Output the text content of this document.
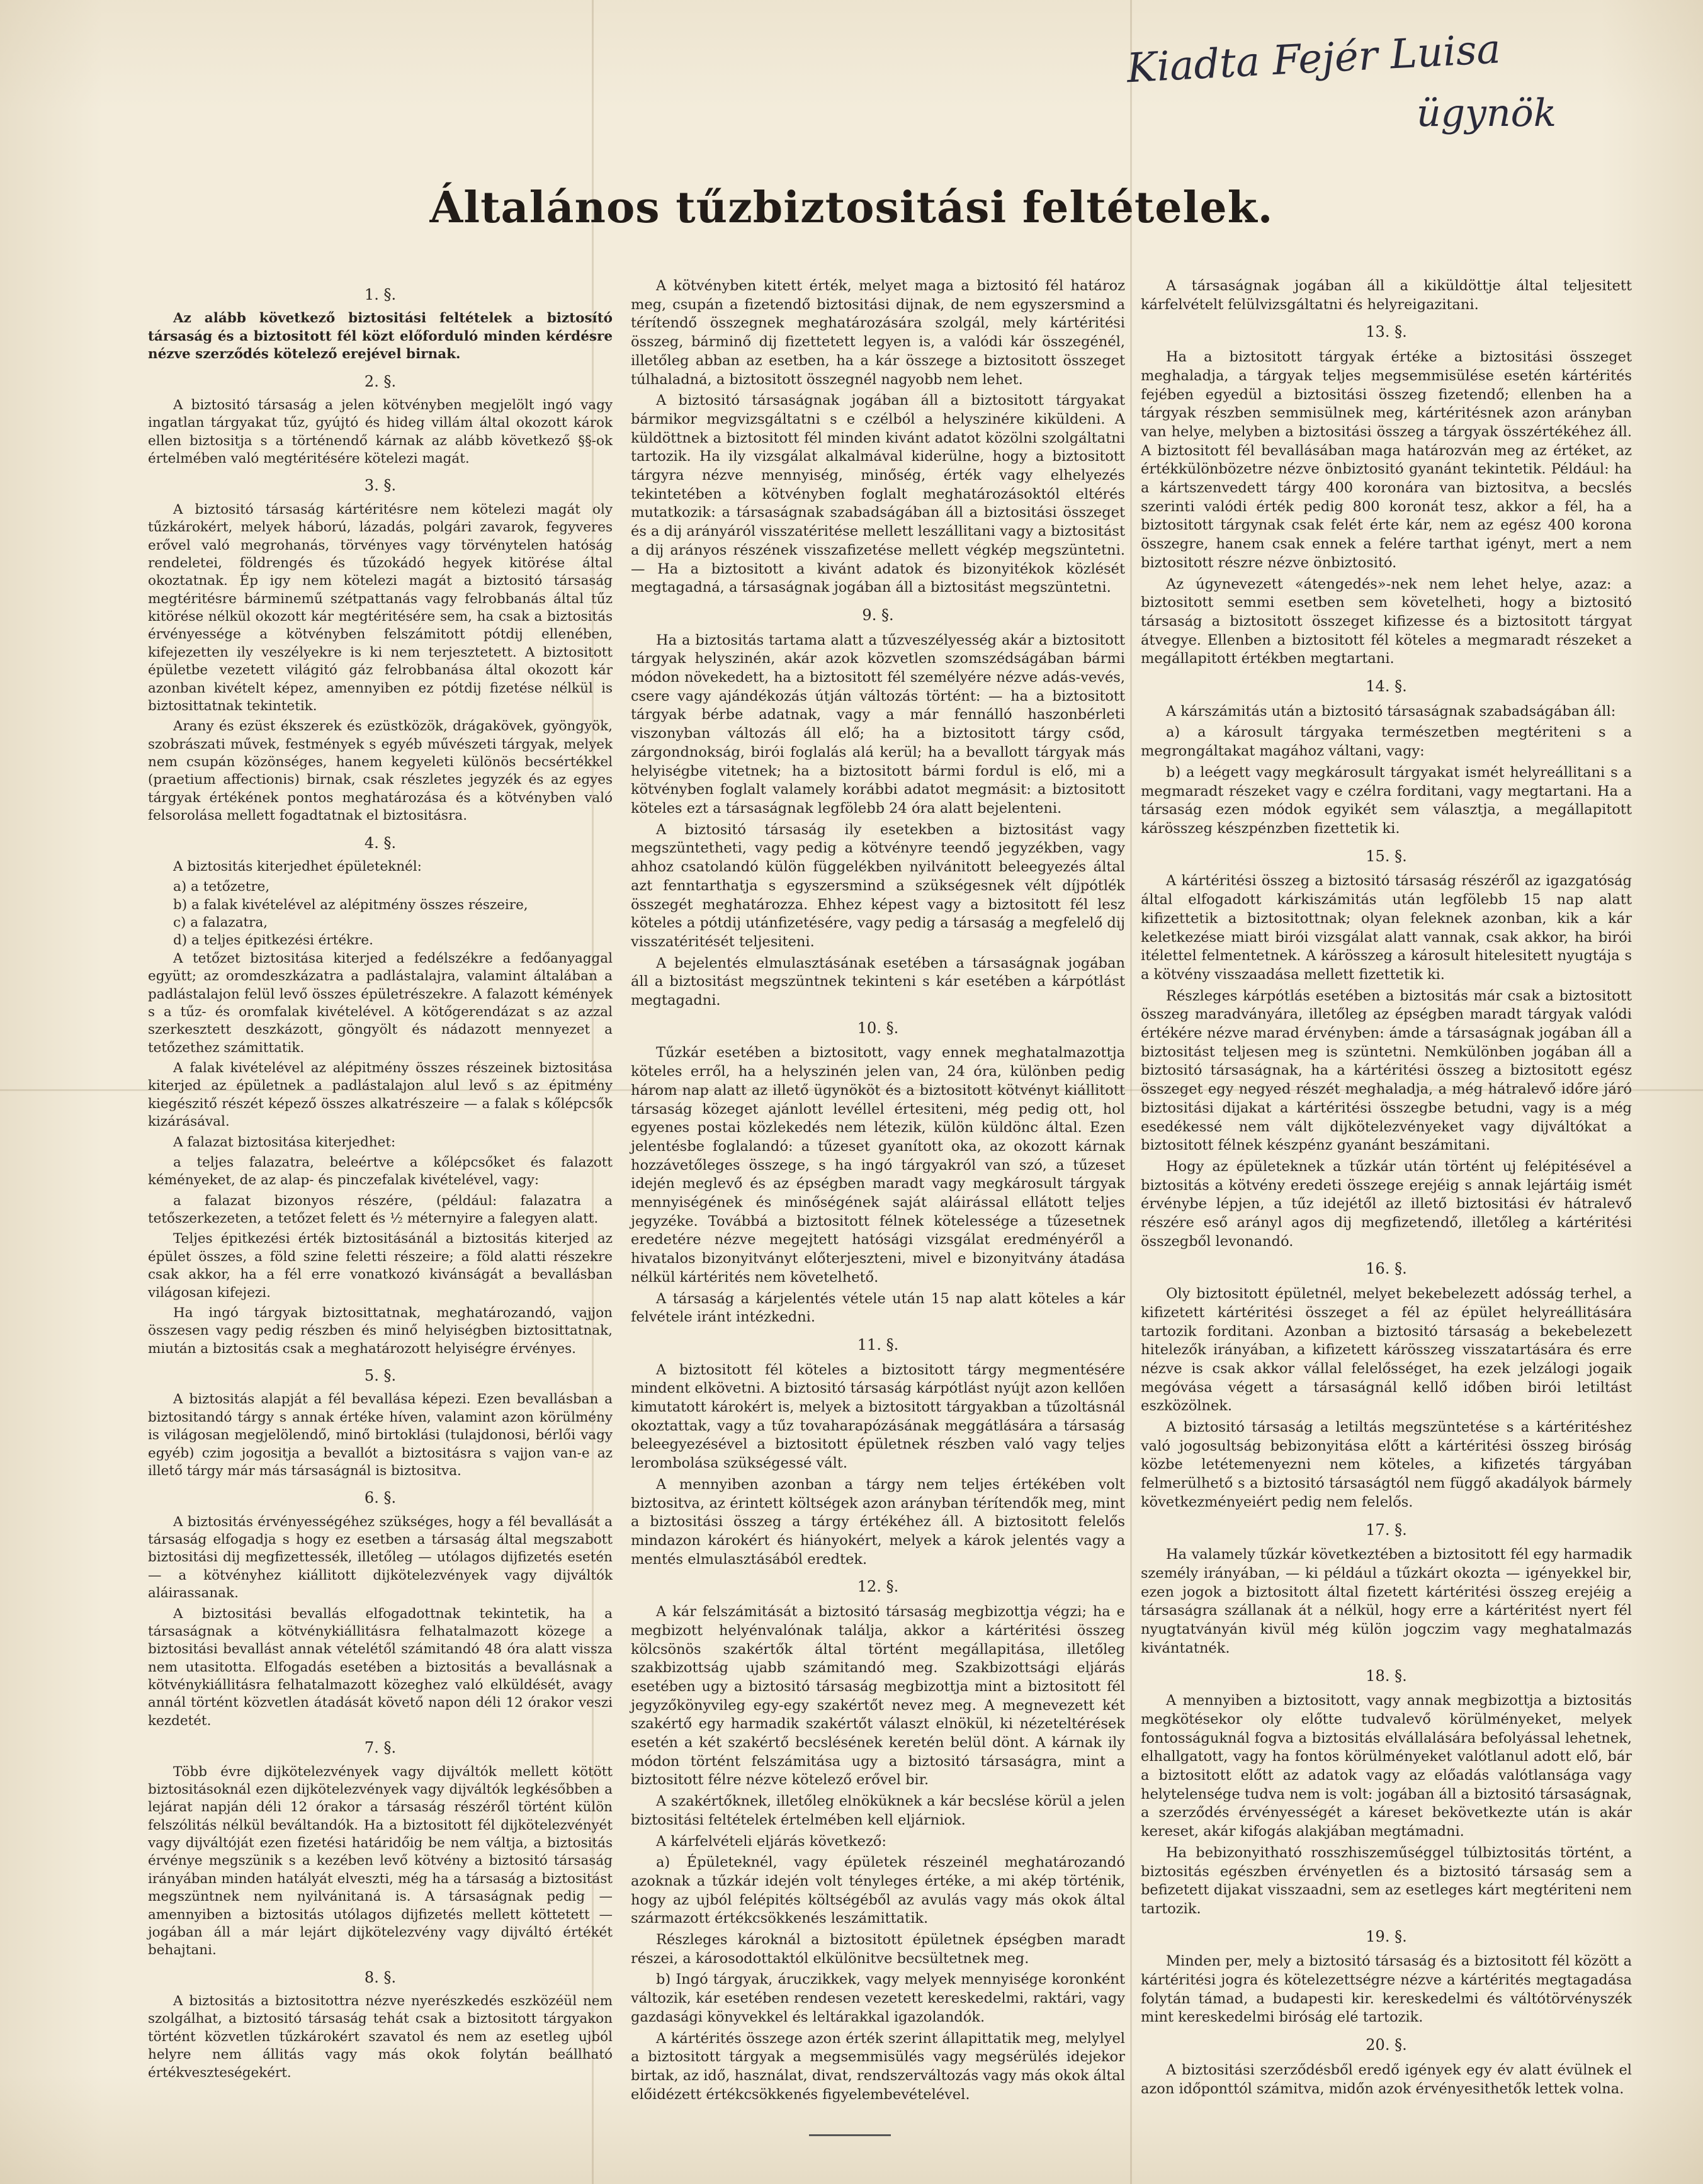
Kiadta Fejér Luisa
ügynök
Általános tűzbiztositási feltételek.
1. §.

Az alább következő biztositási feltételek a biztosító társaság és a biztositott fél közt előforduló minden kérdésre nézve szerződés kötelező erejével birnak.

2. §.

A biztositó társaság a jelen kötvényben megjelölt ingó vagy ingatlan tárgyakat tűz, gyújtó és hideg villám által okozott károk ellen biztositja s a történendő kárnak az alább következő §§-ok értelmében való megtéritésére kötelezi magát.

3. §.

A biztositó társaság kártéritésre nem kötelezi magát oly tűzkárokért, melyek háború, lázadás, polgári zavarok, fegyveres erővel való megrohanás, törvényes vagy törvénytelen hatóság rendeletei, földrengés és tűzokádó hegyek kitörése által okoztatnak. Ép igy nem kötelezi magát a biztositó társaság megtéritésre bárminemű szétpattanás vagy felrobbanás által tűz kitörése nélkül okozott kár megtéritésére sem, ha csak a biztositás érvényessége a kötvényben felszámitott pótdij ellenében, kifejezetten ily veszélyekre is ki nem terjesztetett. A biztositott épületbe vezetett világitó gáz felrobbanása által okozott kár azonban kivételt képez, amennyiben ez pótdij fizetése nélkül is biztosittatnak tekintetik.

Arany és ezüst ékszerek és ezüstközök, drágakövek, gyöngyök, szobrászati művek, festmények s egyéb művészeti tárgyak, melyek nem csupán közönséges, hanem kegyeleti különös becsértékkel (praetium affectionis) birnak, csak részletes jegyzék és az egyes tárgyak értékének pontos meghatározása és a kötvényben való felsorolása mellett fogadtatnak el biztositásra.

4. §.

A biztositás kiterjedhet épületeknél:

a) a tetőzetre,

b) a falak kivételével az alépitmény összes részeire,

c) a falazatra,

d) a teljes épitkezési értékre.

A tetőzet biztositása kiterjed a fedélszékre a fedőanyaggal együtt; az oromdeszkázatra a padlástalajra, valamint általában a padlástalajon felül levő összes épületrészekre. A falazott kémények s a tűz- és oromfalak kivételével. A kötőgerendázat s az azzal szerkesztett deszkázott, göngyölt és nádazott mennyezet a tetőzethez számittatik.

A falak kivételével az alépitmény összes részeinek biztositása kiterjed az épületnek a padlástalajon alul levő s az épitmény kiegészitő részét képező összes alkatrészeire — a falak s kőlépcsők kizárásával.

A falazat biztositása kiterjedhet:

a teljes falazatra, beleértve a kőlépcsőket és falazott kéményeket, de az alap- és pinczefalak kivételével, vagy:

a falazat bizonyos részére, (például: falazatra a tetőszerkezeten, a tetőzet felett és ½ méternyire a falegyen alatt.

Teljes épitkezési érték biztositásánál a biztositás kiterjed az épület összes, a föld szine feletti részeire; a föld alatti részekre csak akkor, ha a fél erre vonatkozó kivánságát a bevallásban világosan kifejezi.

Ha ingó tárgyak biztosittatnak, meghatározandó, vajjon összesen vagy pedig részben és minő helyiségben biztosittatnak, miután a biztositás csak a meghatározott helyiségre érvényes.

5. §.

A biztositás alapját a fél bevallása képezi. Ezen bevallásban a biztositandó tárgy s annak értéke híven, valamint azon körülmény is világosan megjelölendő, minő birtoklási (tulajdonosi, bérlői vagy egyéb) czim jogositja a bevallót a biztositásra s vajjon van-e az illető tárgy már más társaságnál is biztositva.

6. §.

A biztositás érvényességéhez szükséges, hogy a fél bevallását a társaság elfogadja s hogy ez esetben a társaság által megszabott biztositási dij megfizettessék, illetőleg — utólagos dijfizetés esetén — a kötvényhez kiállitott dijkötelezvények vagy dijváltók aláirassanak.

A biztositási bevallás elfogadottnak tekintetik, ha a társaságnak a kötvénykiállitásra felhatalmazott közege a biztositási bevallást annak vételétől számitandó 48 óra alatt vissza nem utasitotta. Elfogadás esetében a biztositás a bevallásnak a kötvénykiállitásra felhatalmazott közeghez való elküldését, avagy annál történt közvetlen átadását követő napon déli 12 órakor veszi kezdetét.

7. §.

Több évre dijkötelezvények vagy dijváltók mellett kötött biztositásoknál ezen dijkötelezvények vagy dijváltók legkésőbben a lejárat napján déli 12 órakor a társaság részéről történt külön felszólitás nélkül beváltandók. Ha a biztositott fél dijkötelezvényét vagy dijváltóját ezen fizetési határidőig be nem váltja, a biztositás érvénye megszünik s a kezében levő kötvény a biztositó társaság irányában minden hatályát elveszti, még ha a társaság a biztositást megszüntnek nem nyilvánitaná is. A társaságnak pedig — amennyiben a biztositás utólagos dijfizetés mellett köttetett — jogában áll a már lejárt dijkötelezvény vagy dijváltó értékét behajtani.

8. §.

A biztositás a biztositottra nézve nyerészkedés eszközéül nem szolgálhat, a biztositó társaság tehát csak a biztositott tárgyakon történt közvetlen tűzkárokért szavatol és nem az esetleg ujból helyre nem állitás vagy más okok folytán beállható értékveszteségekért.

A kötvényben kitett érték, melyet maga a biztositó fél határoz meg, csupán a fizetendő biztositási dijnak, de nem egyszersmind a térítendő összegnek meghatározására szolgál, mely kártéritési összeg, bárminő dij fizettetett legyen is, a valódi kár összegénél, illetőleg abban az esetben, ha a kár összege a biztositott összeget túlhaladná, a biztositott összegnél nagyobb nem lehet.

A biztositó társaságnak jogában áll a biztositott tárgyakat bármikor megvizsgáltatni s e czélból a helyszinére kiküldeni. A küldöttnek a biztositott fél minden kivánt adatot közölni szolgáltatni tartozik. Ha ily vizsgálat alkalmával kiderülne, hogy a biztositott tárgyra nézve mennyiség, minőség, érték vagy elhelyezés tekintetében a kötvényben foglalt meghatározásoktól eltérés mutatkozik: a társaságnak szabadságában áll a biztositási összeget és a dij arányáról visszatéritése mellett leszállitani vagy a biztositást a dij arányos részének visszafizetése mellett végkép megszüntetni. — Ha a biztositott a kivánt adatok és bizonyitékok közlését megtagadná, a társaságnak jogában áll a biztositást megszüntetni.

9. §.

Ha a biztositás tartama alatt a tűzveszélyesség akár a biztositott tárgyak helyszinén, akár azok közvetlen szomszédságában bármi módon növekedett, ha a biztositott fél személyére nézve adás-vevés, csere vagy ajándékozás útján változás történt: — ha a biztositott tárgyak bérbe adatnak, vagy a már fennálló haszonbérleti viszonyban változás áll elő; ha a biztositott tárgy csőd, zárgondnokság, birói foglalás alá kerül; ha a bevallott tárgyak más helyiségbe vitetnek; ha a biztositott bármi fordul is elő, mi a kötvényben foglalt valamely korábbi adatot megmásit: a biztositott köteles ezt a társaságnak legfölebb 24 óra alatt bejelenteni.

A biztositó társaság ily esetekben a biztositást vagy megszüntetheti, vagy pedig a kötvényre teendő jegyzékben, vagy ahhoz csatolandó külön függelékben nyilvánitott beleegyezés által azt fenntarthatja s egyszersmind a szükségesnek vélt díjpótlék összegét meghatározza. Ehhez képest vagy a biztositott fél lesz köteles a pótdij utánfizetésére, vagy pedig a társaság a megfelelő dij visszatéritését teljesiteni.

A bejelentés elmulasztásának esetében a társaságnak jogában áll a biztositást megszüntnek tekinteni s kár esetében a kárpótlást megtagadni.

10. §.

Tűzkár esetében a biztositott, vagy ennek meghatalmazottja köteles erről, ha a helyszinén jelen van, 24 óra, különben pedig három nap alatt az illető ügynököt és a biztositott kötvényt kiállitott társaság közeget ajánlott levéllel értesiteni, még pedig ott, hol egyenes postai közlekedés nem létezik, külön küldönc által. Ezen jelentésbe foglalandó: a tűzeset gyanított oka, az okozott kárnak hozzávetőleges összege, s ha ingó tárgyakról van szó, a tűzeset idején meglevő és az épségben maradt vagy megkárosult tárgyak mennyiségének és minőségének saját aláirással ellátott teljes jegyzéke. Továbbá a biztositott félnek kötelessége a tűzesetnek eredetére nézve megejtett hatósági vizsgálat eredményéről a hivatalos bizonyitványt előterjeszteni, mivel e bizonyitvány átadása nélkül kártérités nem követelhető.

A társaság a kárjelentés vétele után 15 nap alatt köteles a kár felvétele iránt intézkedni.

11. §.

A biztositott fél köteles a biztositott tárgy megmentésére mindent elkövetni. A biztositó társaság kárpótlást nyújt azon kellően kimutatott károkért is, melyek a biztositott tárgyakban a tűzoltásnál okoztattak, vagy a tűz tovaharapózásának meggátlására a társaság beleegyezésével a biztositott épületnek részben való vagy teljes lerombolása szükségessé vált.

A mennyiben azonban a tárgy nem teljes értékében volt biztositva, az érintett költségek azon arányban térítendők meg, mint a biztositási összeg a tárgy értékéhez áll. A biztositott felelős mindazon károkért és hiányokért, melyek a károk jelentés vagy a mentés elmulasztásából eredtek.

12. §.

A kár felszámitását a biztositó társaság megbizottja végzi; ha e megbizott helyénvalónak találja, akkor a kártéritési összeg kölcsönös szakértők által történt megállapitása, illetőleg szakbizottság ujabb számitandó meg. Szakbizottsági eljárás esetében ugy a biztositó társaság megbizottja mint a biztositott fél jegyzőkönyvileg egy-egy szakértőt nevez meg. A megnevezett két szakértő egy harmadik szakértőt választ elnökül, ki nézeteltérések esetén a két szakértő becslésének keretén belül dönt. A kárnak ily módon történt felszámitása ugy a biztositó társaságra, mint a biztositott félre nézve kötelező erővel bir.

A szakértőknek, illetőleg elnöküknek a kár becslése körül a jelen biztositási feltételek értelmében kell eljárniok.

A kárfelvételi eljárás következő:

a) Épületeknél, vagy épületek részeinél meghatározandó azoknak a tűzkár idején volt tényleges értéke, a mi akép történik, hogy az ujból felépités költségéből az avulás vagy más okok által származott értékcsökkenés leszámittatik.

Részleges károknál a biztositott épületnek épségben maradt részei, a károsodottaktól elkülönitve becsültetnek meg.

b) Ingó tárgyak, áruczikkek, vagy melyek mennyisége koronként változik, kár esetében rendesen vezetett kereskedelmi, raktári, vagy gazdasági könyvekkel és leltárakkal igazolandók.

A kártérités összege azon érték szerint állapittatik meg, melylyel a biztositott tárgyak a megsemmisülés vagy megsérülés idejekor birtak, az idő, használat, divat, rendszerváltozás vagy más okok által előidézett értékcsökkenés figyelembevételével.

A társaságnak jogában áll a kiküldöttje által teljesitett kárfelvételt felülvizsgáltatni és helyreigazitani.

13. §.

Ha a biztositott tárgyak értéke a biztositási összeget meghaladja, a tárgyak teljes megsemmisülése esetén kártérités fejében egyedül a biztositási összeg fizetendő; ellenben ha a tárgyak részben semmisülnek meg, kártéritésnek azon arányban van helye, melyben a biztositási összeg a tárgyak összértékéhez áll. A biztositott fél bevallásában maga határozván meg az értéket, az értékkülönbözetre nézve önbiztositó gyanánt tekintetik. Például: ha a kártszenvedett tárgy 400 koronára van biztositva, a becslés szerinti valódi érték pedig 800 koronát tesz, akkor a fél, ha a biztositott tárgynak csak felét érte kár, nem az egész 400 korona összegre, hanem csak ennek a felére tarthat igényt, mert a nem biztositott részre nézve önbiztositó.

Az úgynevezett «átengedés»-nek nem lehet helye, azaz: a biztositott semmi esetben sem követelheti, hogy a biztositó társaság a biztositott összeget kifizesse és a biztositott tárgyat átvegye. Ellenben a biztositott fél köteles a megmaradt részeket a megállapitott értékben megtartani.

14. §.

A kárszámitás után a biztositó társaságnak szabadságában áll:

a) a károsult tárgyaka természetben megtériteni s a megrongáltakat magához váltani, vagy:

b) a leégett vagy megkárosult tárgyakat ismét helyreállitani s a megmaradt részeket vagy e czélra forditani, vagy megtartani. Ha a társaság ezen módok egyikét sem választja, a megállapitott kárösszeg készpénzben fizettetik ki.

15. §.

A kártéritési összeg a biztositó társaság részéről az igazgatóság által elfogadott kárkiszámitás után legfölebb 15 nap alatt kifizettetik a biztositottnak; olyan feleknek azonban, kik a kár keletkezése miatt birói vizsgálat alatt vannak, csak akkor, ha birói itélettel felmentetnek. A kárösszeg a károsult hitelesitett nyugtája s a kötvény visszaadása mellett fizettetik ki.

Részleges kárpótlás esetében a biztositás már csak a biztositott összeg maradványára, illetőleg az épségben maradt tárgyak valódi értékére nézve marad érvényben: ámde a társaságnak jogában áll a biztositást teljesen meg is szüntetni. Nemkülönben jogában áll a biztositó társaságnak, ha a kártéritési összeg a biztositott egész összeget egy negyed részét meghaladja, a még hátralevő időre járó biztositási dijakat a kártéritési összegbe betudni, vagy is a még esedékessé nem vált dijkötelezvényeket vagy dijváltókat a biztositott félnek készpénz gyanánt beszámitani.

Hogy az épületeknek a tűzkár után történt uj felépitésével a biztositás a kötvény eredeti összege erejéig s annak lejártáig ismét érvénybe lépjen, a tűz idejétől az illető biztositási év hátralevő részére eső arányl agos dij megfizetendő, illetőleg a kártéritési összegből levonandó.

16. §.

Oly biztositott épületnél, melyet bekebelezett adósság terhel, a kifizetett kártéritési összeget a fél az épület helyreállitására tartozik forditani. Azonban a biztositó társaság a bekebelezett hitelezők irányában, a kifizetett kárösszeg visszatartására és erre nézve is csak akkor vállal felelősséget, ha ezek jelzálogi jogaik megóvása végett a társaságnál kellő időben birói letiltást eszközölnek.

A biztositó társaság a letiltás megszüntetése s a kártéritéshez való jogosultság bebizonyitása előtt a kártéritési összeg biróság közbe letétemenyezni nem köteles, a kifizetés tárgyában felmerülhető s a biztositó társaságtól nem függő akadályok bármely következményeiért pedig nem felelős.

17. §.

Ha valamely tűzkár következtében a biztositott fél egy harmadik személy irányában, — ki például a tűzkárt okozta — igényekkel bir, ezen jogok a biztositott által fizetett kártéritési összeg erejéig a társaságra szállanak át a nélkül, hogy erre a kártéritést nyert fél nyugtatványán kivül még külön jogczim vagy meghatalmazás kivántatnék.

18. §.

A mennyiben a biztositott, vagy annak megbizottja a biztositás megkötésekor oly előtte tudvalevő körülményeket, melyek fontosságuknál fogva a biztositás elvállalására befolyással lehetnek, elhallgatott, vagy ha fontos körülményeket valótlanul adott elő, bár a biztositott előtt az adatok vagy az előadás valótlansága vagy helytelensége tudva nem is volt: jogában áll a biztositó társaságnak, a szerződés érvényességét a káreset bekövetkezte után is akár kereset, akár kifogás alakjában megtámadni.

Ha bebizonyitható rosszhiszeműséggel túlbiztositás történt, a biztositás egészben érvényetlen és a biztositó társaság sem a befizetett dijakat visszaadni, sem az esetleges kárt megtériteni nem tartozik.

19. §.

Minden per, mely a biztositó társaság és a biztositott fél között a kártéritési jogra és kötelezettségre nézve a kártérités megtagadása folytán támad, a budapesti kir. kereskedelmi és váltótörvényszék mint kereskedelmi biróság elé tartozik.

20. §.

A biztositási szerződésből eredő igények egy év alatt évülnek el azon időponttól számitva, midőn azok érvényesithetők lettek volna.
